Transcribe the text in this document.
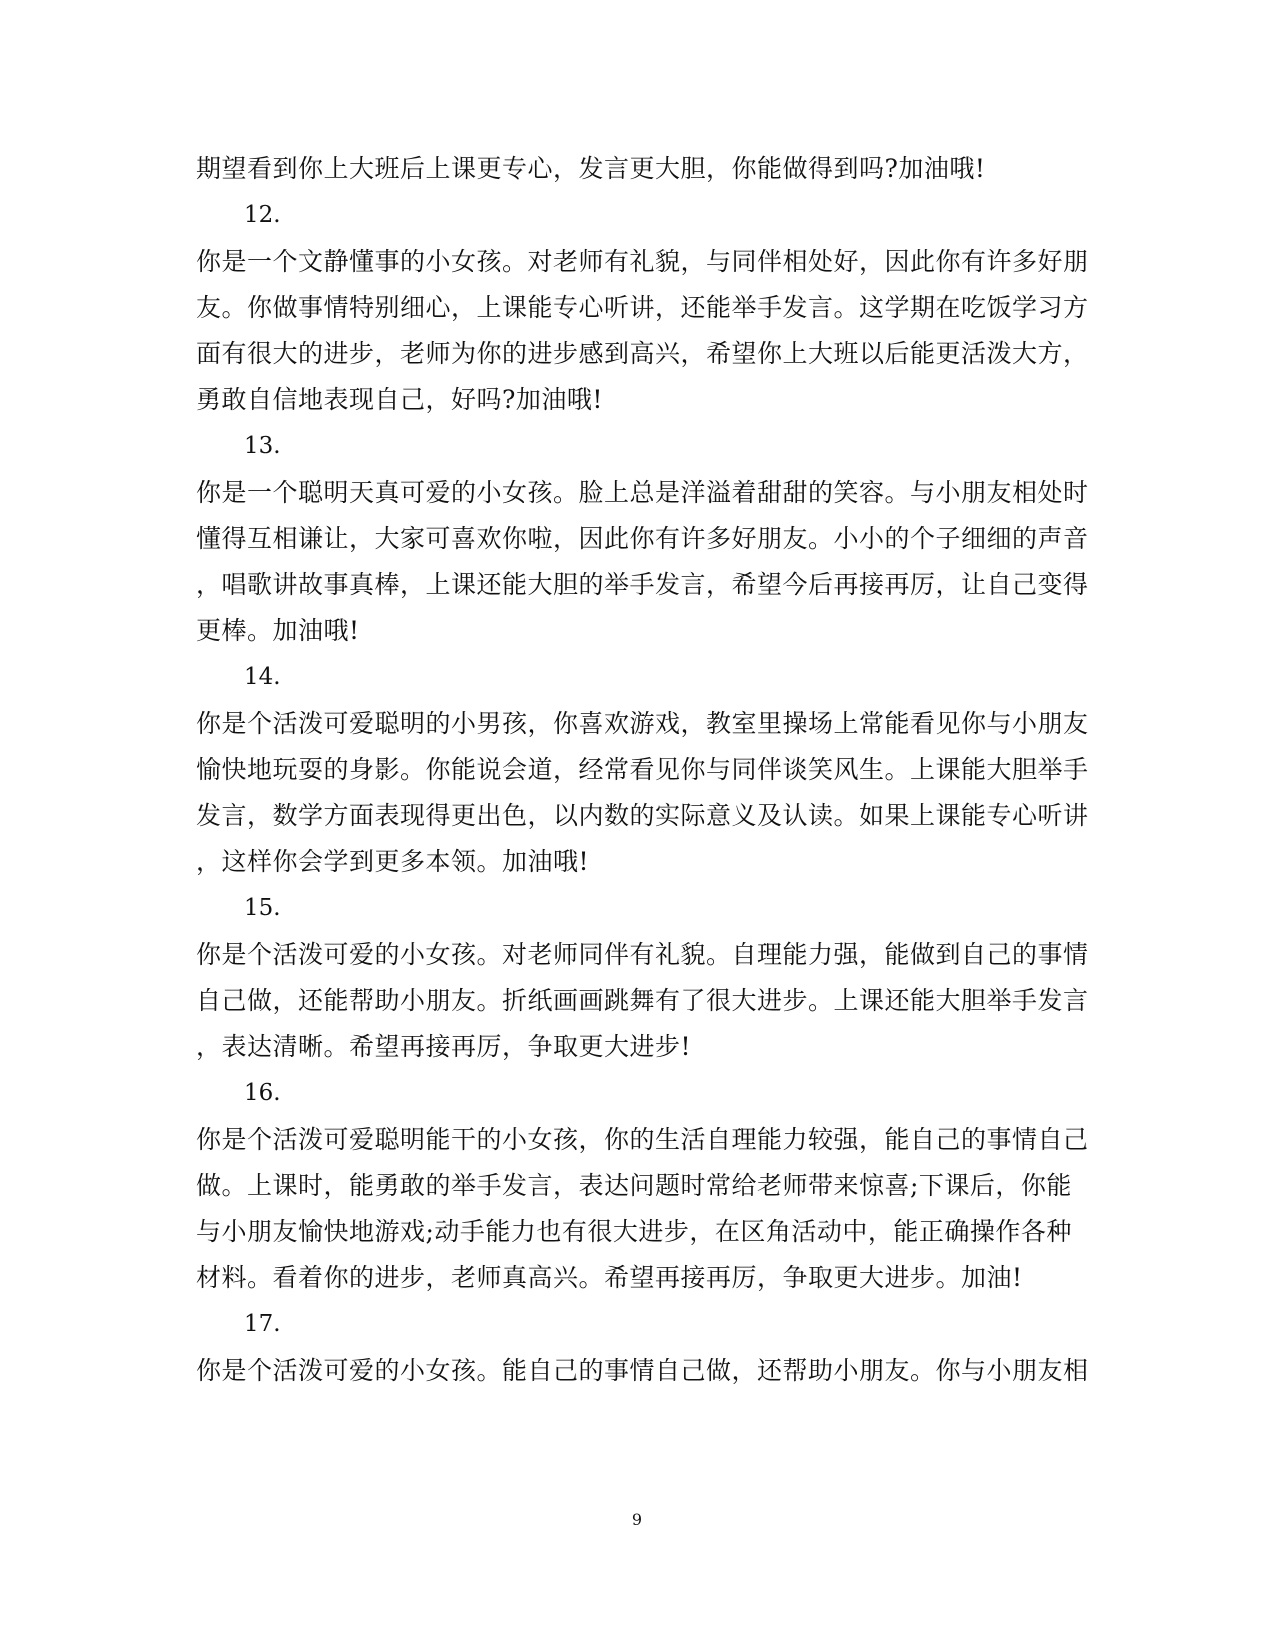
期望看到你上大班后上课更专心，发言更大胆，你能做得到吗?加油哦!
12.
你是一个文静懂事的小女孩。对老师有礼貌，与同伴相处好，因此你有许多好朋
友。你做事情特别细心，上课能专心听讲，还能举手发言。这学期在吃饭学习方
面有很大的进步，老师为你的进步感到高兴，希望你上大班以后能更活泼大方，
勇敢自信地表现自己，好吗?加油哦!
13.
你是一个聪明天真可爱的小女孩。脸上总是洋溢着甜甜的笑容。与小朋友相处时
懂得互相谦让，大家可喜欢你啦，因此你有许多好朋友。小小的个子细细的声音
，唱歌讲故事真棒，上课还能大胆的举手发言，希望今后再接再厉，让自己变得
更棒。加油哦!
14.
你是个活泼可爱聪明的小男孩，你喜欢游戏，教室里操场上常能看见你与小朋友
愉快地玩耍的身影。你能说会道，经常看见你与同伴谈笑风生。上课能大胆举手
发言，数学方面表现得更出色，以内数的实际意义及认读。如果上课能专心听讲
，这样你会学到更多本领。加油哦!
15.
你是个活泼可爱的小女孩。对老师同伴有礼貌。自理能力强，能做到自己的事情
自己做，还能帮助小朋友。折纸画画跳舞有了很大进步。上课还能大胆举手发言
，表达清晰。希望再接再厉，争取更大进步!
16.
你是个活泼可爱聪明能干的小女孩，你的生活自理能力较强，能自己的事情自己
做。上课时，能勇敢的举手发言，表达问题时常给老师带来惊喜;下课后，你能
与小朋友愉快地游戏;动手能力也有很大进步，在区角活动中，能正确操作各种
材料。看着你的进步，老师真高兴。希望再接再厉，争取更大进步。加油!
17.
你是个活泼可爱的小女孩。能自己的事情自己做，还帮助小朋友。你与小朋友相
9
